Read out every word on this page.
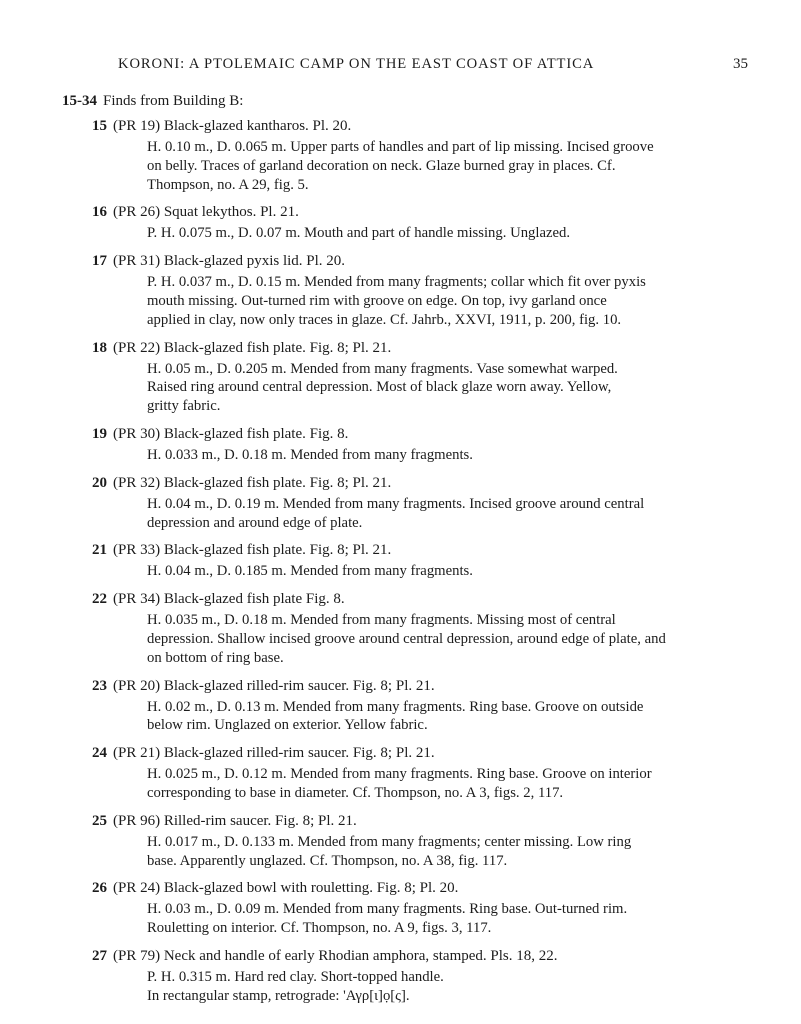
KORONI: A PTOLEMAIC CAMP ON THE EAST COAST OF ATTICA	35
15-34 Finds from Building B:
15 (PR 19) Black-glazed kantharos. Pl. 20.
H. 0.10 m., D. 0.065 m. Upper parts of handles and part of lip missing. Incised groove
on belly. Traces of garland decoration on neck. Glaze burned gray in places. Cf.
Thompson, no. A 29, fig. 5.
16 (PR 26) Squat lekythos. Pl. 21.
P. H. 0.075 m., D. 0.07 m. Mouth and part of handle missing. Unglazed.
17 (PR 31) Black-glazed pyxis lid. Pl. 20.
P. H. 0.037 m., D. 0.15 m. Mended from many fragments; collar which fit over pyxis
mouth missing. Out-turned rim with groove on edge. On top, ivy garland once
applied in clay, now only traces in glaze. Cf. Jahrb., XXVI, 1911, p. 200, fig. 10.
18 (PR 22) Black-glazed fish plate. Fig. 8; Pl. 21.
H. 0.05 m., D. 0.205 m. Mended from many fragments. Vase somewhat warped.
Raised ring around central depression. Most of black glaze worn away. Yellow,
gritty fabric.
19 (PR 30) Black-glazed fish plate. Fig. 8.
H. 0.033 m., D. 0.18 m. Mended from many fragments.
20 (PR 32) Black-glazed fish plate. Fig. 8; Pl. 21.
H. 0.04 m., D. 0.19 m. Mended from many fragments. Incised groove around central
depression and around edge of plate.
21 (PR 33) Black-glazed fish plate. Fig. 8; Pl. 21.
H. 0.04 m., D. 0.185 m. Mended from many fragments.
22 (PR 34) Black-glazed fish plate Fig. 8.
H. 0.035 m., D. 0.18 m. Mended from many fragments. Missing most of central
depression. Shallow incised groove around central depression, around edge of plate, and
on bottom of ring base.
23 (PR 20) Black-glazed rilled-rim saucer. Fig. 8; Pl. 21.
H. 0.02 m., D. 0.13 m. Mended from many fragments. Ring base. Groove on outside
below rim. Unglazed on exterior. Yellow fabric.
24 (PR 21) Black-glazed rilled-rim saucer. Fig. 8; Pl. 21.
H. 0.025 m., D. 0.12 m. Mended from many fragments. Ring base. Groove on interior
corresponding to base in diameter. Cf. Thompson, no. A 3, figs. 2, 117.
25 (PR 96) Rilled-rim saucer. Fig. 8; Pl. 21.
H. 0.017 m., D. 0.133 m. Mended from many fragments; center missing. Low ring
base. Apparently unglazed. Cf. Thompson, no. A 38, fig. 117.
26 (PR 24) Black-glazed bowl with rouletting. Fig. 8; Pl. 20.
H. 0.03 m., D. 0.09 m. Mended from many fragments. Ring base. Out-turned rim.
Rouletting on interior. Cf. Thompson, no. A 9, figs. 3, 117.
27 (PR 79) Neck and handle of early Rhodian amphora, stamped. Pls. 18, 22.
P. H. 0.315 m. Hard red clay. Short-topped handle.
In rectangular stamp, retrograde: 'Αγρ[ι]ọ[ς].
